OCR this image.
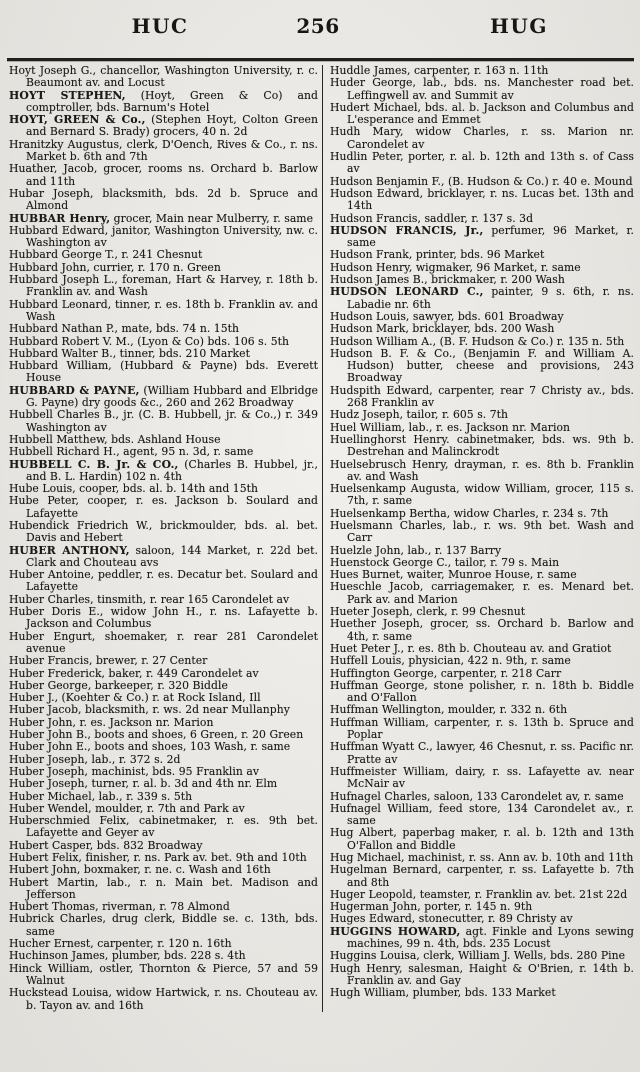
HUC	256	HUG

Hoyt Joseph G., chancellor, Washington University, r. c. Beaumont av. and Locust

HOYT STEPHEN, (Hoyt, Green & Co) and comptroller, bds. Barnum's Hotel

HOYT, GREEN & Co., (Stephen Hoyt, Colton Green and Bernard S. Brady) grocers, 40 n. 2d

Hranitzky Augustus, clerk, D'Oench, Rives & Co., r. ns. Market b. 6th and 7th

Huather, Jacob, grocer, rooms ns. Orchard b. Barlow and 11th

Hubar Joseph, blacksmith, bds. 2d b. Spruce and Almond

HUBBAR Henry, grocer, Main near Mulberry, r. same

Hubbard Edward, janitor, Washington University, nw. c. Washington av

Hubbard George T., r. 241 Chesnut

Hubbard John, currier, r. 170 n. Green

Hubbard Joseph L., foreman, Hart & Harvey, r. 18th b. Franklin av. and Wash

Hubbard Leonard, tinner, r. es. 18th b. Franklin av. and Wash

Hubbard Nathan P., mate, bds. 74 n. 15th

Hubbard Robert V. M., (Lyon & Co) bds. 106 s. 5th

Hubbard Walter B., tinner, bds. 210 Market

Hubbard William, (Hubbard & Payne) bds. Everett House

HUBBARD & PAYNE, (William Hubbard and Elbridge G. Payne) dry goods &c., 260 and 262 Broadway

Hubbell Charles B., jr. (C. B. Hubbell, jr. & Co.,) r. 349 Washington av

Hubbell Matthew, bds. Ashland House

Hubbell Richard H., agent, 95 n. 3d, r. same

HUBBELL C. B. Jr. & CO., (Charles B. Hubbel, jr., and B. L. Hardin) 102 n. 4th

Hube Louis, cooper, bds. al. b. 14th and 15th

Hube Peter, cooper, r. es. Jackson b. Soulard and Lafayette

Hubendick Friedrich W., brickmoulder, bds. al. bet. Davis and Hebert

HUBER ANTHONY, saloon, 144 Market, r. 22d bet. Clark and Chouteau avs

Huber Antoine, peddler, r. es. Decatur bet. Soulard and Lafayette

Huber Charles, tinsmith, r. rear 165 Carondelet av

Huber Doris E., widow John H., r. ns. Lafayette b. Jackson and Columbus

Huber Engurt, shoemaker, r. rear 281 Carondelet avenue

Huber Francis, brewer, r. 27 Center

Huber Frederick, baker, r. 449 Carondelet av

Huber George, barkeeper, r. 320 Biddle

Huber J., (Koehter & Co.) r. at Rock Island, Ill

Huber Jacob, blacksmith, r. ws. 2d near Mullanphy

Huber John, r. es. Jackson nr. Marion

Huber John B., boots and shoes, 6 Green, r. 20 Green

Huber John E., boots and shoes, 103 Wash, r. same

Huber Joseph, lab., r. 372 s. 2d

Huber Joseph, machinist, bds. 95 Franklin av

Huber Joseph, turner, r. al. b. 3d and 4th nr. Elm

Huber Michael, lab., r. 339 s. 5th

Huber Wendel, moulder, r. 7th and Park av

Huberschmied Felix, cabinetmaker, r. es. 9th bet. Lafayette and Geyer av

Hubert Casper, bds. 832 Broadway

Hubert Felix, finisher, r. ns. Park av. bet. 9th and 10th

Hubert John, boxmaker, r. ne. c. Wash and 16th

Hubert Martin, lab., r. n. Main bet. Madison and Jefferson

Hubert Thomas, riverman, r. 78 Almond

Hubrick Charles, drug clerk, Biddle se. c. 13th, bds. same

Hucher Ernest, carpenter, r. 120 n. 16th

Huchinson James, plumber, bds. 228 s. 4th

Hinck William, ostler, Thornton & Pierce, 57 and 59 Walnut

Huckstead Louisa, widow Hartwick, r. ns. Chouteau av. b. Tayon av. and 16th

Huddle James, carpenter, r. 163 n. 11th

Huder George, lab., bds. ns. Manchester road bet. Leffingwell av. and Summit av

Hudert Michael, bds. al. b. Jackson and Columbus and L'esperance and Emmet

Hudh Mary, widow Charles, r. ss. Marion nr. Carondelet av

Hudlin Peter, porter, r. al. b. 12th and 13th s. of Cass av

Hudson Benjamin F., (B. Hudson & Co.) r. 40 e. Mound

Hudson Edward, bricklayer, r. ns. Lucas bet. 13th and 14th

Hudson Francis, saddler, r. 137 s. 3d

HUDSON FRANCIS, Jr., perfumer, 96 Market, r. same

Hudson Frank, printer, bds. 96 Market

Hudson Henry, wigmaker, 96 Market, r. same

Hudson James B., brickmaker, r. 200 Wash

HUDSON LEONARD C., painter, 9 s. 6th, r. ns. Labadie nr. 6th

Hudson Louis, sawyer, bds. 601 Broadway

Hudson Mark, bricklayer, bds. 200 Wash

Hudson William A., (B. F. Hudson & Co.) r. 135 n. 5th

Hudson B. F. & Co., (Benjamin F. and William A. Hudson) butter, cheese and provisions, 243 Broadway

Hudspith Edward, carpenter, rear 7 Christy av., bds. 268 Franklin av

Hudz Joseph, tailor, r. 605 s. 7th

Huel William, lab., r. es. Jackson nr. Marion

Huellinghorst Henry. cabinetmaker, bds. ws. 9th b. Destrehan and Malinckrodt

Huelsebrusch Henry, drayman, r. es. 8th b. Franklin av. and Wash

Huelsenkamp Augusta, widow William, grocer, 115 s. 7th, r. same

Huelsenkamp Bertha, widow Charles, r. 234 s. 7th

Huelsmann Charles, lab., r. ws. 9th bet. Wash and Carr

Huelzle John, lab., r. 137 Barry

Huenstock George C., tailor, r. 79 s. Main

Hues Burnet, waiter, Munroe House, r. same

Hueschle Jacob, carriagemaker, r. es. Menard bet. Park av. and Marion

Hueter Joseph, clerk, r. 99 Chesnut

Huether Joseph, grocer, ss. Orchard b. Barlow and 4th, r. same

Huet Peter J., r. es. 8th b. Chouteau av. and Gratiot

Huffell Louis, physician, 422 n. 9th, r. same

Huffington George, carpenter, r. 218 Carr

Huffman George, stone polisher, r. n. 18th b. Biddle and O'Fallon

Huffman Wellington, moulder, r. 332 n. 6th

Huffman William, carpenter, r. s. 13th b. Spruce and Poplar

Huffman Wyatt C., lawyer, 46 Chesnut, r. ss. Pacific nr. Pratte av

Huffmeister William, dairy, r. ss. Lafayette av. near McNair av

Hufnagel Charles, saloon, 133 Carondelet av, r. same

Hufnagel William, feed store, 134 Carondelet av., r. same

Hug Albert, paperbag maker, r. al. b. 12th and 13th O'Fallon and Biddle

Hug Michael, machinist, r. ss. Ann av. b. 10th and 11th

Hugelman Bernard, carpenter, r. ss. Lafayette b. 7th and 8th

Huger Leopold, teamster, r. Franklin av. bet. 21st 22d

Hugerman John, porter, r. 145 n. 9th

Huges Edward, stonecutter, r. 89 Christy av

HUGGINS HOWARD, agt. Finkle and Lyons sewing machines, 99 n. 4th, bds. 235 Locust

Huggins Louisa, clerk, William J. Wells, bds. 280 Pine

Hugh Henry, salesman, Haight & O'Brien, r. 14th b. Franklin av. and Gay

Hugh William, plumber, bds. 133 Market
